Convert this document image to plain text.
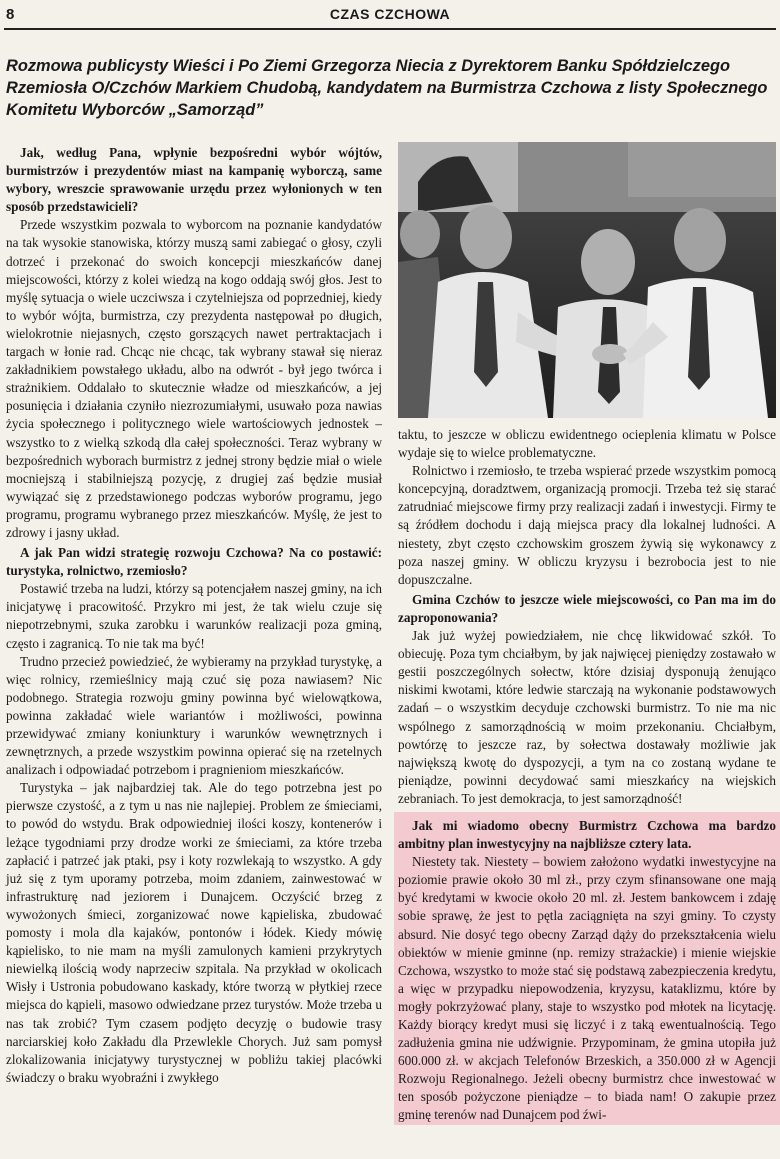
8	CZAS CZCHOWA
Rozmowa publicysty Wieści i Po Ziemi Grzegorza Niecia z Dyrektorem Banku Spółdzielczego Rzemiosła O/Czchów Markiem Chudobą, kandydatem na Burmistrza Czchowa z listy Społecznego Komitetu Wyborców „Samorząd”

Jak, według Pana, wpłynie bezpośredni wybór wójtów, burmistrzów i prezydentów miast na kampanię wyborczą, same wybory, wreszcie sprawowanie urzędu przez wyłonionych w ten sposób przedstawicieli?

Przede wszystkim pozwala to wyborcom na poznanie kandydatów na tak wysokie stanowiska, którzy muszą sami zabiegać o głosy, czyli dotrzeć i przekonać do swoich koncepcji mieszkańców danej miejscowości, którzy z kolei wiedzą na kogo oddają swój głos. Jest to myślę sytuacja o wiele uczciwsza i czytelniejsza od poprzedniej, kiedy to wybór wójta, burmistrza, czy prezydenta następował po długich, wielokrotnie niejasnych, często gorszących nawet pertraktacjach i targach w łonie rad. Chcąc nie chcąc, tak wybrany stawał się nieraz zakładnikiem powstałego układu, albo na odwrót - był jego twórca i strażnikiem. Oddalało to skutecznie władze od mieszkańców, a jej posunięcia i działania czyniło niezrozumiałymi, usuwało poza nawias życia społecznego i politycznego wiele wartościowych jednostek – wszystko to z wielką szkodą dla całej społeczności. Teraz wybrany w bezpośrednich wyborach burmistrz z jednej strony będzie miał o wiele mocniejszą i stabilniejszą pozycję, z drugiej zaś będzie musiał wywiązać się z przedstawionego podczas wyborów programu, jego programu, programu wybranego przez mieszkańców. Myślę, że jest to zdrowy i jasny układ.

A jak Pan widzi strategię rozwoju Czchowa? Na co postawić: turystyka, rolnictwo, rzemiosło?

Postawić trzeba na ludzi, którzy są potencjałem naszej gminy, na ich inicjatywę i pracowitość. Przykro mi jest, że tak wielu czuje się niepotrzebnymi, szuka zarobku i warunków realizacji poza gminą, często i zagranicą. To nie tak ma być!

Trudno przecież powiedzieć, że wybieramy na przykład turystykę, a więc rolnicy, rzemieślnicy mają czuć się poza nawiasem? Nic podobnego. Strategia rozwoju gminy powinna być wielowątkowa, powinna zakładać wiele wariantów i możliwości, powinna przewidywać zmiany koniunktury i warunków wewnętrznych i zewnętrznych, a przede wszystkim powinna opierać się na rzetelnych analizach i odpowiadać potrzebom i pragnieniom mieszkańców.

Turystyka – jak najbardziej tak. Ale do tego potrzebna jest po pierwsze czystość, a z tym u nas nie najlepiej. Problem ze śmieciami, to powód do wstydu. Brak odpowiedniej ilości koszy, kontenerów i leżące tygodniami przy drodze worki ze śmieciami, za które trzeba zapłacić i patrzeć jak ptaki, psy i koty rozwlekają to wszystko. A gdy już się z tym uporamy potrzeba, moim zdaniem, zainwestować w infrastrukturę nad jeziorem i Dunajcem. Oczyścić brzeg z wywożonych śmieci, zorganizować nowe kąpieliska, zbudować pomosty i mola dla kajaków, pontonów i łódek. Kiedy mówię kąpielisko, to nie mam na myśli zamulonych kamieni przykrytych niewielką ilością wody naprzeciw szpitala. Na przykład w okolicach Wisły i Ustronia pobudowano kaskady, które tworzą w płytkiej rzece miejsca do kąpieli, masowo odwiedzane przez turystów. Może trzeba u nas tak zrobić? Tym czasem podjęto decyzję o budowie trasy narciarskiej koło Zakładu dla Przewlekle Chorych. Już sam pomysł zlokalizowania inicjatywy turystycznej w pobliżu takiej placówki świadczy o braku wyobraźni i zwykłego

taktu, to jeszcze w obliczu ewidentnego ocieplenia klimatu w Polsce wydaje się to wielce problematyczne.

Rolnictwo i rzemiosło, te trzeba wspierać przede wszystkim pomocą koncepcyjną, doradztwem, organizacją promocji. Trzeba też się starać zatrudniać miejscowe firmy przy realizacji zadań i inwestycji. Firmy te są źródłem dochodu i dają miejsca pracy dla lokalnej ludności. A niestety, zbyt często czchowskim groszem żywią się wykonawcy z poza naszej gminy. W obliczu kryzysu i bezrobocia jest to nie dopuszczalne.

Gmina Czchów to jeszcze wiele miejscowości, co Pan ma im do zaproponowania?

Jak już wyżej powiedziałem, nie chcę likwidować szkół. To obiecuję. Poza tym chciałbym, by jak najwięcej pieniędzy zostawało w gestii poszczególnych sołectw, które dzisiaj dysponują żenująco niskimi kwotami, które ledwie starczają na wykonanie podstawowych zadań – o wszystkim decyduje czchowski burmistrz. To nie ma nic wspólnego z samorządnością w moim przekonaniu. Chciałbym, powtórzę to jeszcze raz, by sołectwa dostawały możliwie jak największą kwotę do dyspozycji, a tym na co zostaną wydane te pieniądze, powinni decydować sami mieszkańcy na wiejskich zebraniach. To jest demokracja, to jest samorządność!

Jak mi wiadomo obecny Burmistrz Czchowa ma bardzo ambitny plan inwestycyjny na najbliższe cztery lata.

Niestety tak. Niestety – bowiem założono wydatki inwestycyjne na poziomie prawie około 30 ml zł., przy czym sfinansowane one mają być kredytami w kwocie około 20 ml. zł. Jestem bankowcem i zdaję sobie sprawę, że jest to pętla zaciągnięta na szyi gminy. To czysty absurd. Nie dosyć tego obecny Zarząd dąży do przekształcenia wielu obiektów w mienie gminne (np. remizy strażackie) i mienie wiejskie Czchowa, wszystko to może stać się podstawą zabezpieczenia kredytu, a więc w przypadku niepowodzenia, kryzysu, kataklizmu, które by mogły pokrzyżować plany, staje to wszystko pod młotek na licytację. Każdy biorący kredyt musi się liczyć i z taką ewentualnością. Tego zadłużenia gmina nie udźwignie. Przypominam, że gmina utopiła już 600.000 zł. w akcjach Telefonów Brzeskich, a 350.000 zł w Agencji Rozwoju Regionalnego. Jeżeli obecny burmistrz chce inwestować w ten sposób pożyczone pieniądze – to biada nam! O zakupie przez gminę terenów nad Dunajcem pod źwi-
